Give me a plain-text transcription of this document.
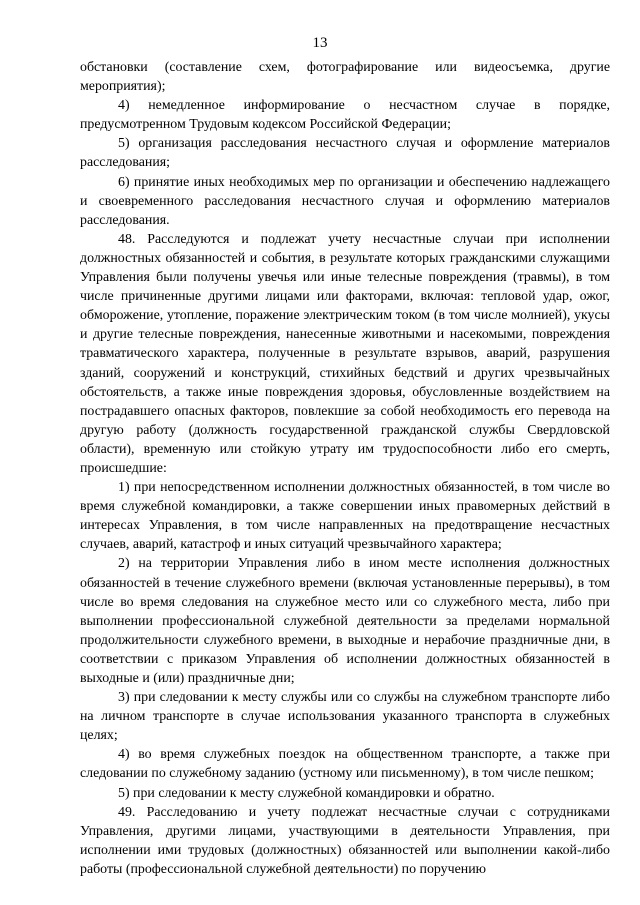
13

обстановки (составление схем, фотографирование или видеосъемка, другие мероприятия);

4) немедленное информирование о несчастном случае в порядке, предусмотренном Трудовым кодексом Российской Федерации;

5) организация расследования несчастного случая и оформление материалов расследования;

6) принятие иных необходимых мер по организации и обеспечению надлежащего и своевременного расследования несчастного случая и оформлению материалов расследования.

48. Расследуются и подлежат учету несчастные случаи при исполнении должностных обязанностей и события, в результате которых гражданскими служащими Управления были получены увечья или иные телесные повреждения (травмы), в том числе причиненные другими лицами или факторами, включая: тепловой удар, ожог, обморожение, утопление, поражение электрическим током (в том числе молнией), укусы и другие телесные повреждения, нанесенные животными и насекомыми, повреждения травматического характера, полученные в результате взрывов, аварий, разрушения зданий, сооружений и конструкций, стихийных бедствий и других чрезвычайных обстоятельств, а также иные повреждения здоровья, обусловленные воздействием на пострадавшего опасных факторов, повлекшие за собой необходимость его перевода на другую работу (должность государственной гражданской службы Свердловской области), временную или стойкую утрату им трудоспособности либо его смерть, происшедшие:

1) при непосредственном исполнении должностных обязанностей, в том числе во время служебной командировки, а также совершении иных правомерных действий в интересах Управления, в том числе направленных на предотвращение несчастных случаев, аварий, катастроф и иных ситуаций чрезвычайного характера;

2) на территории Управления либо в ином месте исполнения должностных обязанностей в течение служебного времени (включая установленные перерывы), в том числе во время следования на служебное место или со служебного места, либо при выполнении профессиональной служебной деятельности за пределами нормальной продолжительности служебного времени, в выходные и нерабочие праздничные дни, в соответствии с приказом Управления об исполнении должностных обязанностей в выходные и (или) праздничные дни;

3) при следовании к месту службы или со службы на служебном транспорте либо на личном транспорте в случае использования указанного транспорта в служебных целях;

4) во время служебных поездок на общественном транспорте, а также при следовании по служебному заданию (устному или письменному), в том числе пешком;

5) при следовании к месту служебной командировки и обратно.

49. Расследованию и учету подлежат несчастные случаи с сотрудниками Управления, другими лицами, участвующими в деятельности Управления, при исполнении ими трудовых (должностных) обязанностей или выполнении какой-либо работы (профессиональной служебной деятельности) по поручению
